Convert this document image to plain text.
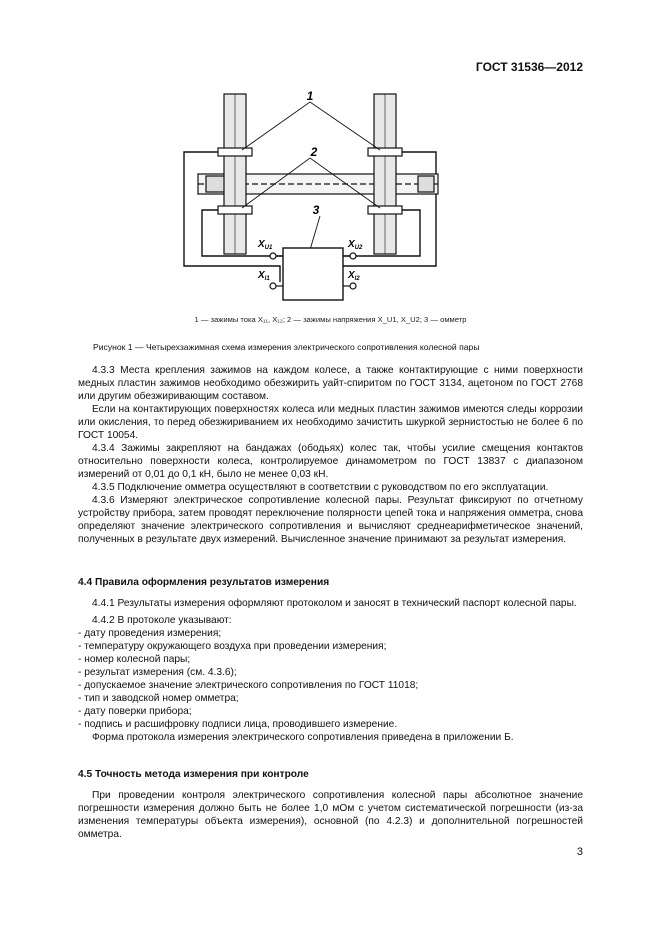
ГОСТ 31536—2012
1
2
3
$X_{U1}$
$X_{I1}$
$X_{U2}$
$X_{I2}$
1 — зажимы тока X₁₁, X₁₂; 2 — зажимы напряжения X_U1, X_U2; 3 — омметр
Рисунок 1 — Четырехзажимная схема измерения электрического сопротивления колесной пары

4.3.3 Места крепления зажимов на каждом колесе, а также контактирующие с ними поверхности медных пластин зажимов необходимо обезжирить уайт-спиритом по ГОСТ 3134, ацетоном по ГОСТ 2768 или другим обезжиривающим составом.

Если на контактирующих поверхностях колеса или медных пластин зажимов имеются следы коррозии или окисления, то перед обезжириванием их необходимо зачистить шкуркой зернистостью не более 6 по ГОСТ 10054.

4.3.4 Зажимы закрепляют на бандажах (ободьях) колес так, чтобы усилие смещения контактов относительно поверхности колеса, контролируемое динамометром по ГОСТ 13837 с диапазоном измерений от 0,01 до 0,1 кН, было не менее 0,03 кН.

4.3.5 Подключение омметра осуществляют в соответствии с руководством по его эксплуатации.

4.3.6 Измеряют электрическое сопротивление колесной пары. Результат фиксируют по отчетному устройству прибора, затем проводят переключение полярности цепей тока и напряжения омметра, снова определяют значение электрического сопротивления и вычисляют среднеарифметическое значений, полученных в результате двух измерений. Вычисленное значение принимают за результат измерения.

4.4 Правила оформления результатов измерения

4.4.1 Результаты измерения оформляют протоколом и заносят в технический паспорт колесной пары.

4.4.2 В протоколе указывают:

- дату проведения измерения;

- температуру окружающего воздуха при проведении измерения;

- номер колесной пары;

- результат измерения (см. 4.3.6);

- допускаемое значение электрического сопротивления по ГОСТ 11018;

- тип и заводской номер омметра;

- дату поверки прибора;

- подпись и расшифровку подписи лица, проводившего измерение.

Форма протокола измерения электрического сопротивления приведена в приложении Б.

4.5 Точность метода измерения при контроле

При проведении контроля электрического сопротивления колесной пары абсолютное значение погрешности измерения должно быть не более 1,0 мОм с учетом систематической погрешности (из-за изменения температуры объекта измерения), основной (по 4.2.3) и дополнительной погрешностей омметра.

3
